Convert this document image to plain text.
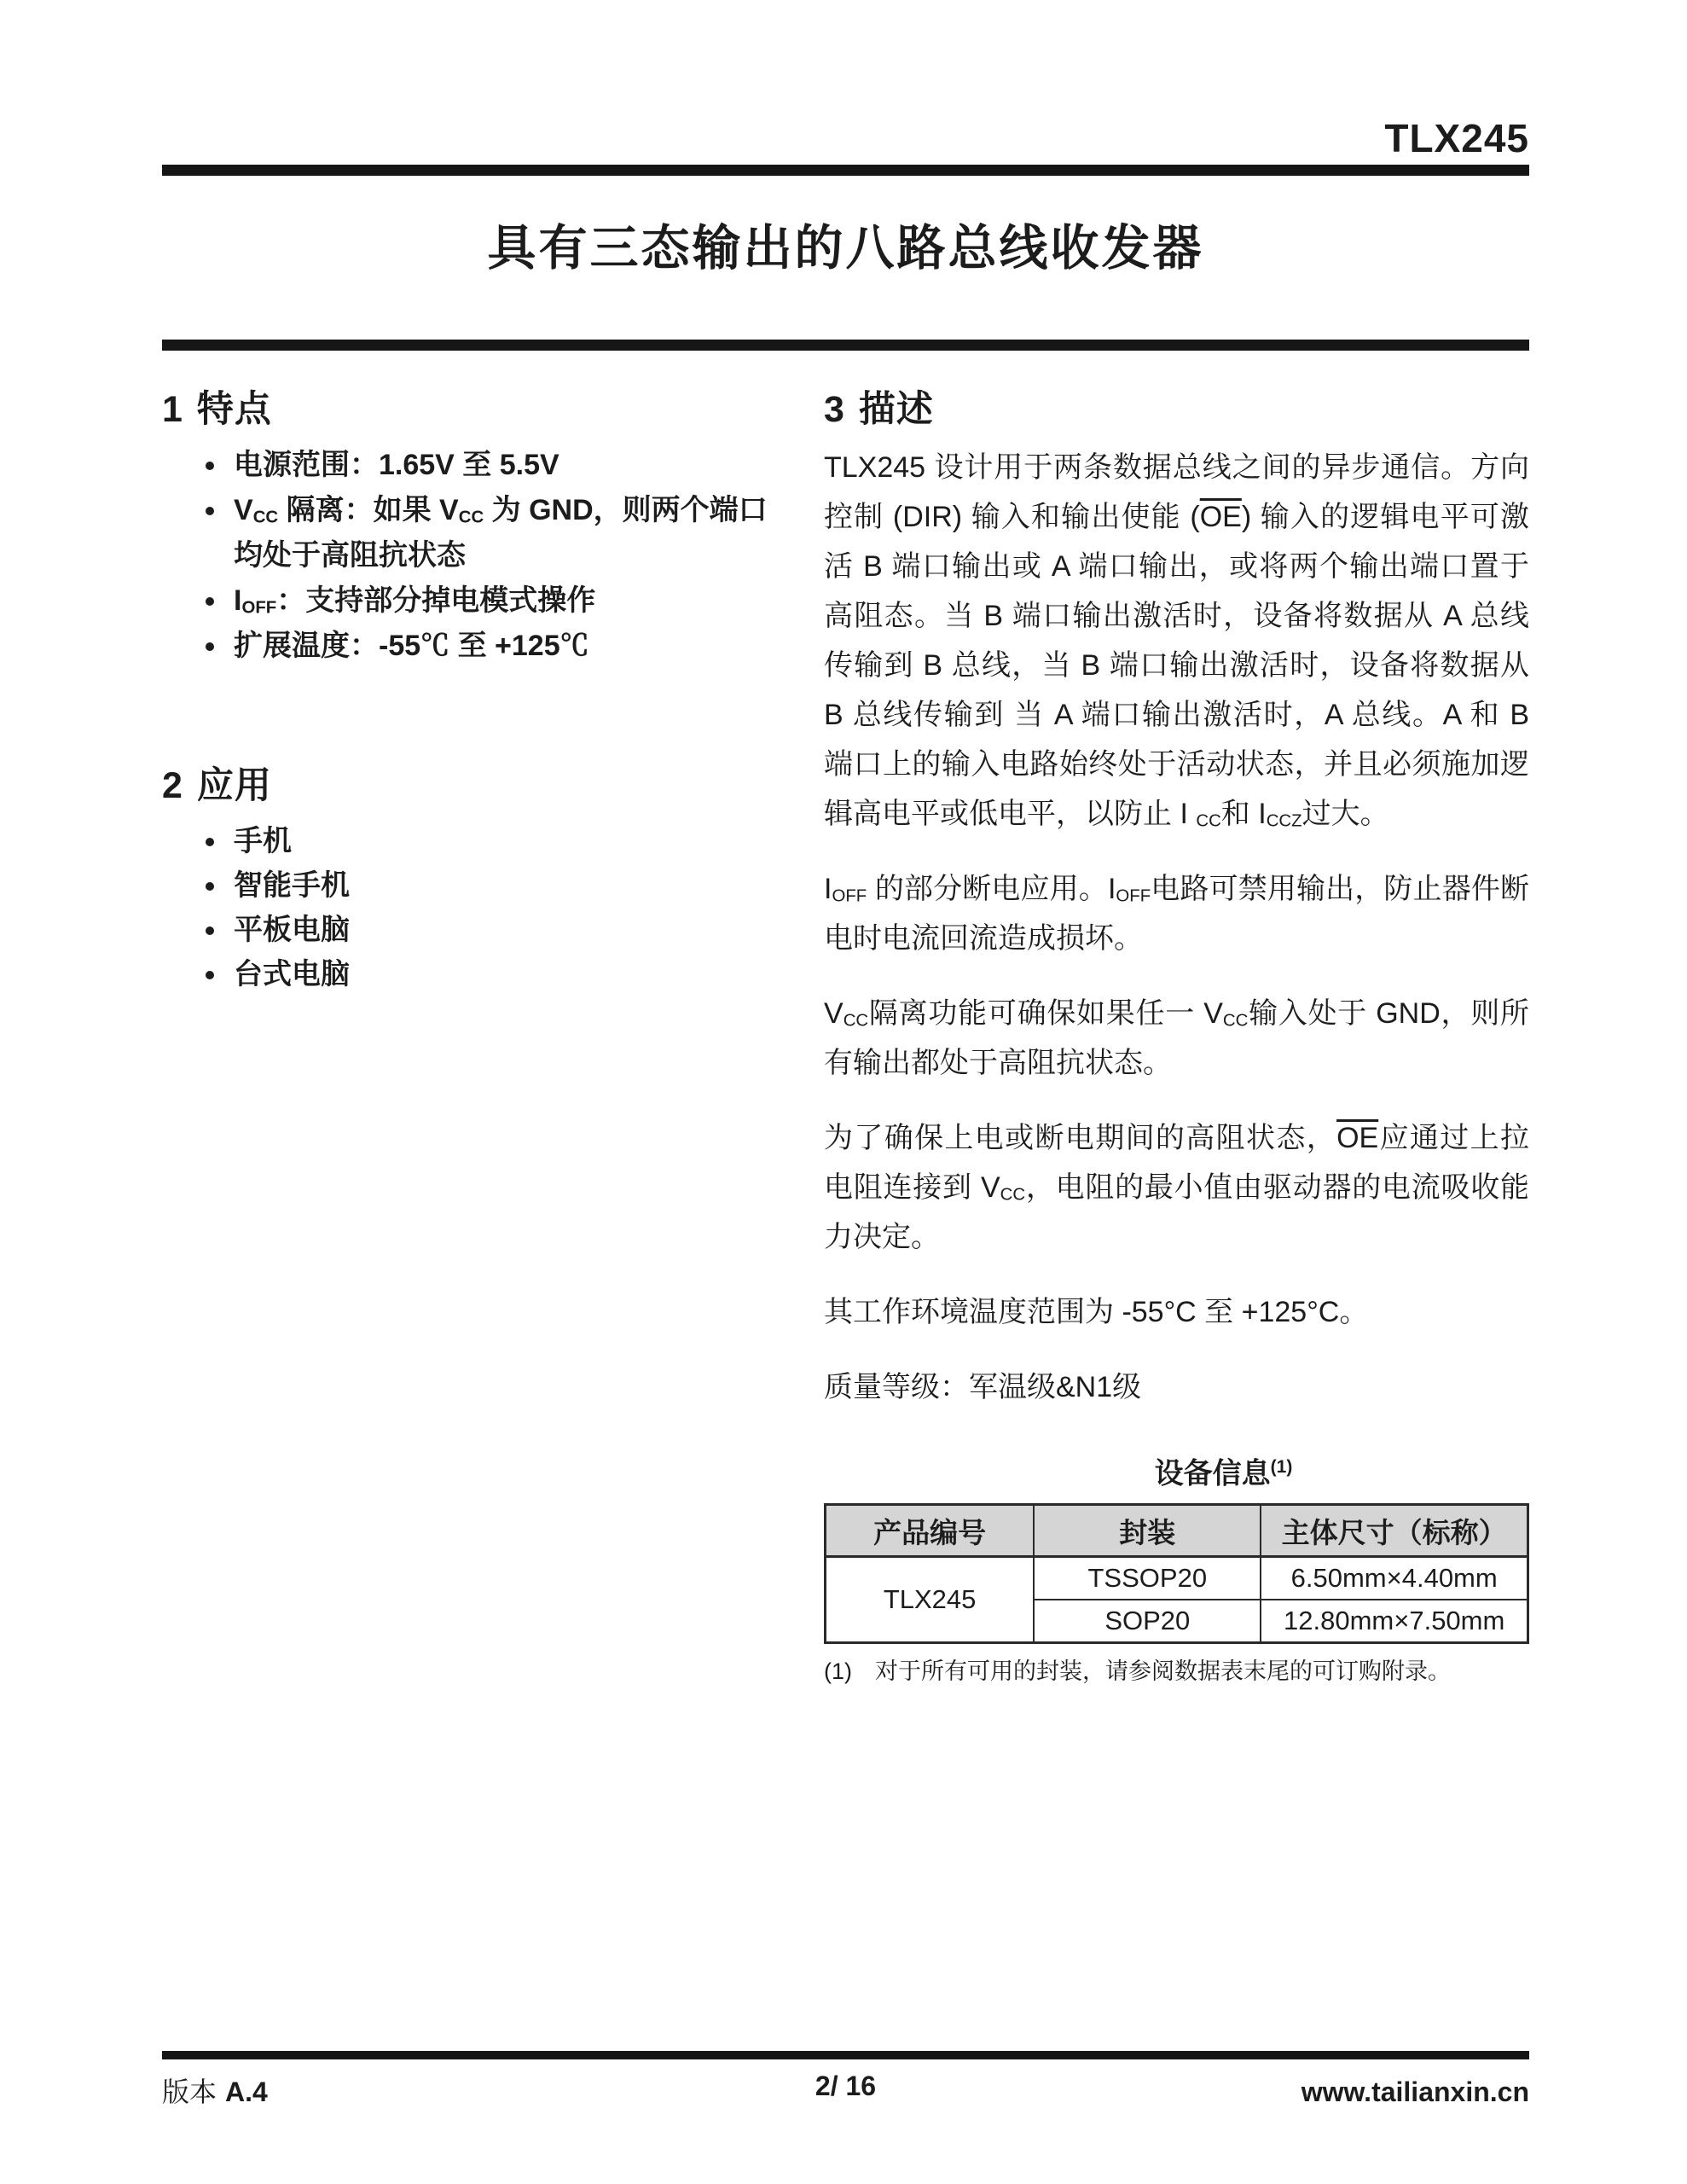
TLX245
具有三态输出的八路总线收发器
1 特点
• 电源范围：1.65V 至 5.5V
• $V_{CC}$ 隔离：如果 $V_{CC}$ 为 GND，则两个端口均处于高阻抗状态
• $I_{OFF}$：支持部分掉电模式操作
• 扩展温度：-55℃ 至 +125℃
2 应用
• 手机
• 智能手机
• 平板电脑
• 台式电脑
3 描述

TLX245 设计用于两条数据总线之间的异步通信。方向控制 (DIR) 输入和输出使能 $(\overline{OE})$ 输入的逻辑电平可激活 B 端口输出或 A 端口输出，或将两个输出端口置于高阻态。当 B 端口输出激活时，设备将数据从 A 总线传输到 B 总线，当 B 端口输出激活时，设备将数据从 B 总线传输到 当 A 端口输出激活时，A 总线。A 和 B 端口上的输入电路始终处于活动状态，并且必须施加逻辑高电平或低电平，以防止 I $_{CC}$和 $I_{CCZ}$过大。

$I_{OFF}$ 的部分断电应用。$I_{OFF}$电路可禁用输出，防止器件断电时电流回流造成损坏。

$V_{CC}$隔离功能可确保如果任一 $V_{CC}$输入处于 GND，则所有输出都处于高阻抗状态。

为了确保上电或断电期间的高阻状态，$\overline{OE}$应通过上拉电阻连接到 $V_{CC}$，电阻的最小值由驱动器的电流吸收能力决定。

其工作环境温度范围为 -55°C 至 +125°C。

质量等级：军温级&N1级

设备信息$^{(1)}$
产品编号	封装	主体尺寸（标称）
TLX245	TSSOP20	6.50mm×4.40mm
	SOP20	12.80mm×7.50mm
(1)	对于所有可用的封装，请参阅数据表末尾的可订购附录。
版本 A.4	2/ 16	www.tailianxin.cn
